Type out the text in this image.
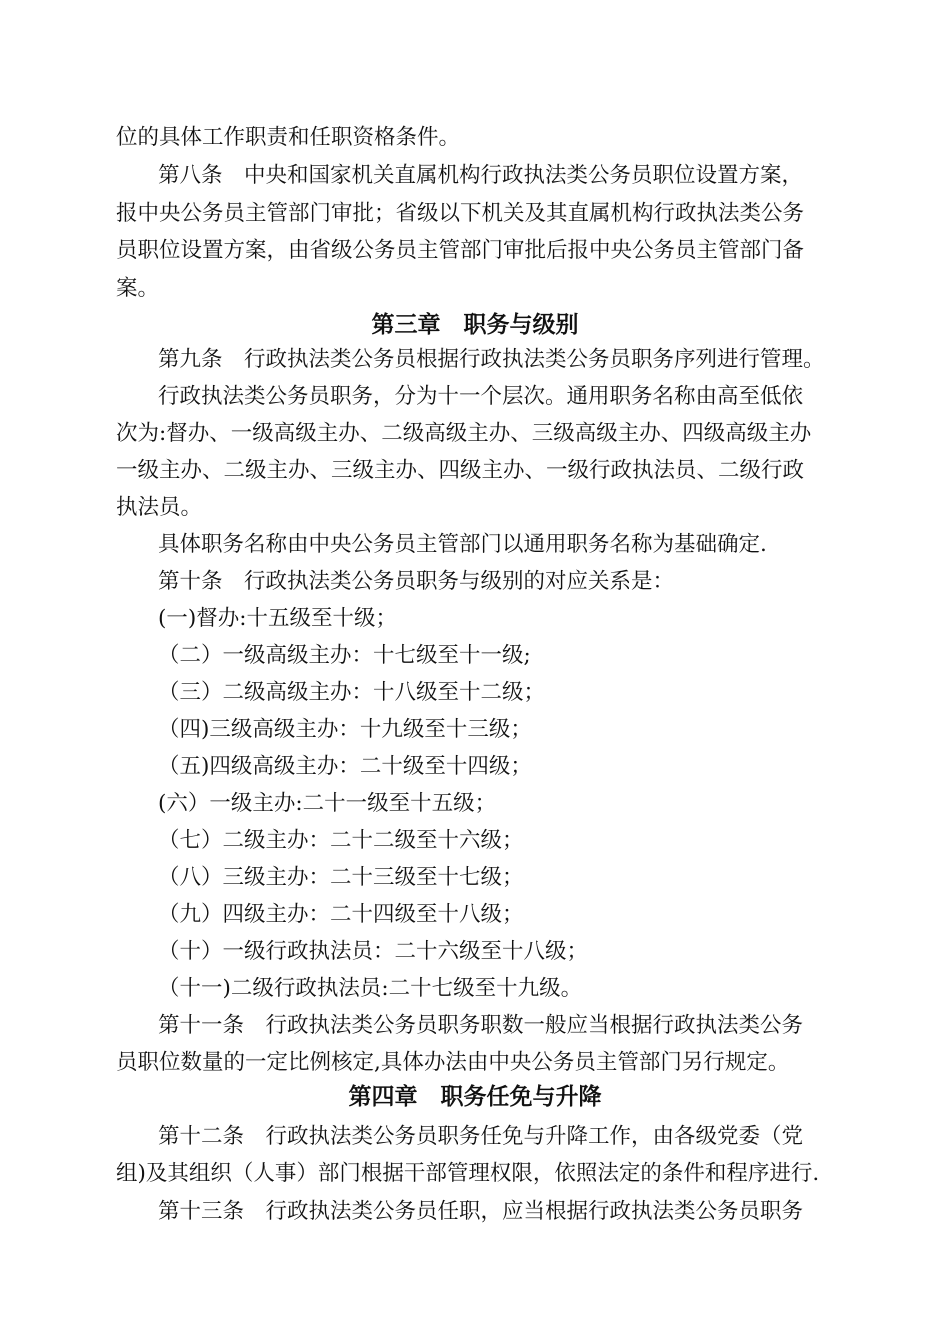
位的具体工作职责和任职资格条件。
第八条　中央和国家机关直属机构行政执法类公务员职位设置方案，
报中央公务员主管部门审批；省级以下机关及其直属机构行政执法类公务
员职位设置方案，由省级公务员主管部门审批后报中央公务员主管部门备
案。
第三章　职务与级别
第九条　行政执法类公务员根据行政执法类公务员职务序列进行管理。
行政执法类公务员职务，分为十一个层次。通用职务名称由高至低依
次为:督办、一级高级主办、二级高级主办、三级高级主办、四级高级主办
一级主办、二级主办、三级主办、四级主办、一级行政执法员、二级行政
执法员。
具体职务名称由中央公务员主管部门以通用职务名称为基础确定.
第十条　行政执法类公务员职务与级别的对应关系是：
(一)督办:十五级至十级；
（二）一级高级主办：十七级至十一级;
（三）二级高级主办：十八级至十二级；
（四)三级高级主办：十九级至十三级；
（五)四级高级主办：二十级至十四级；
(六）一级主办:二十一级至十五级；
（七）二级主办：二十二级至十六级；
（八）三级主办：二十三级至十七级；
（九）四级主办：二十四级至十八级；
（十）一级行政执法员：二十六级至十八级；
（十一)二级行政执法员:二十七级至十九级。
第十一条　行政执法类公务员职务职数一般应当根据行政执法类公务
员职位数量的一定比例核定,具体办法由中央公务员主管部门另行规定。
第四章　职务任免与升降
第十二条　行政执法类公务员职务任免与升降工作，由各级党委（党
组)及其组织（人事）部门根据干部管理权限，依照法定的条件和程序进行.
第十三条　行政执法类公务员任职，应当根据行政执法类公务员职务
